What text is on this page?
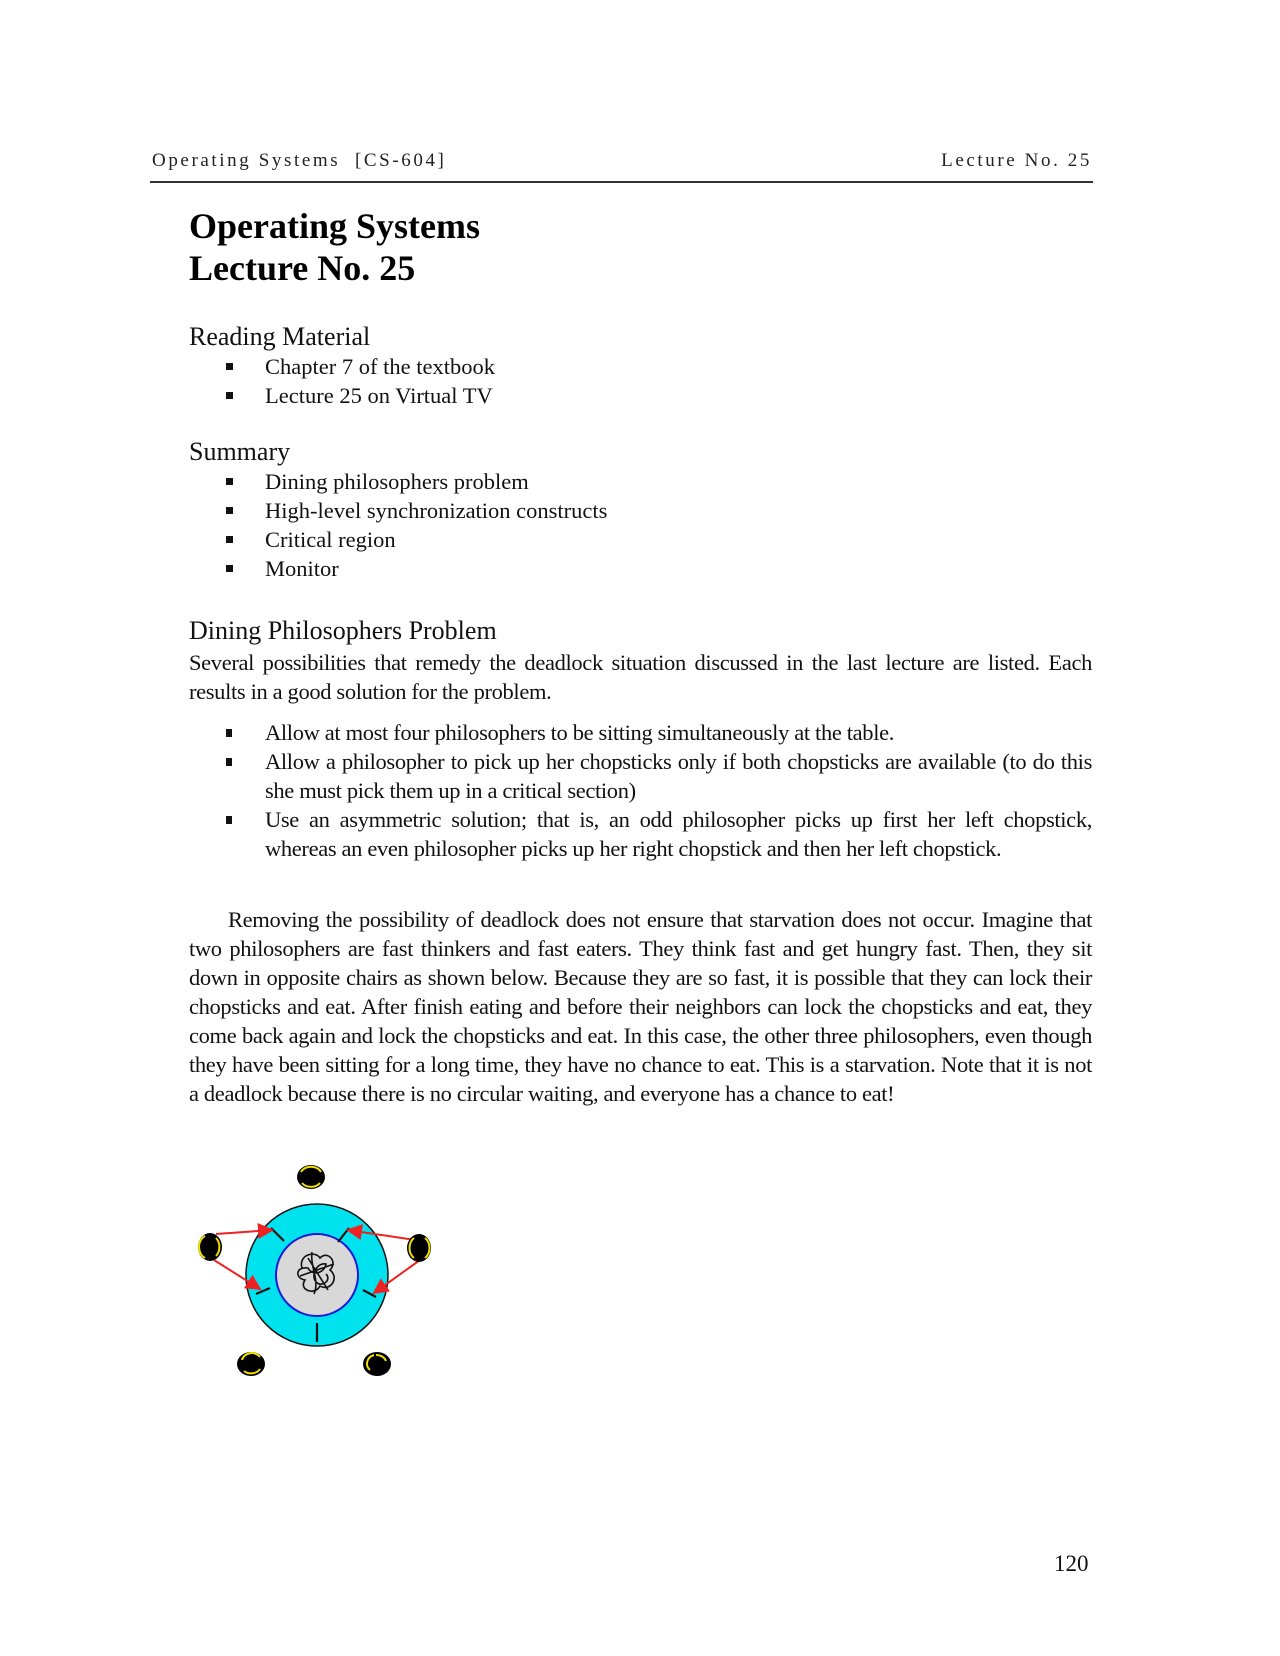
Operating Systems  [CS-604]	Lecture No. 25
Operating Systems
Lecture No. 25
Reading Material
Chapter 7 of the textbook
Lecture 25 on Virtual TV
Summary
Dining philosophers problem
High-level synchronization constructs
Critical region
Monitor
Dining Philosophers Problem
Several possibilities that remedy the deadlock situation discussed in the last lecture are listed. Each results in a good solution for the problem.
Allow at most four philosophers to be sitting simultaneously at the table.
Allow a philosopher to pick up her chopsticks only if both chopsticks are available (to do this she must pick them up in a critical section)
Use an asymmetric solution; that is, an odd philosopher picks up first her left chopstick, whereas an even philosopher picks up her right chopstick and then her left chopstick.
Removing the possibility of deadlock does not ensure that starvation does not occur. Imagine that two philosophers are fast thinkers and fast eaters. They think fast and get hungry fast. Then, they sit down in opposite chairs as shown below. Because they are so fast, it is possible that they can lock their chopsticks and eat. After finish eating and before their neighbors can lock the chopsticks and eat, they come back again and lock the chopsticks and eat. In this case, the other three philosophers, even though they have been sitting for a long time, they have no chance to eat. This is a starvation. Note that it is not a deadlock because there is no circular waiting, and everyone has a chance to eat!
120
